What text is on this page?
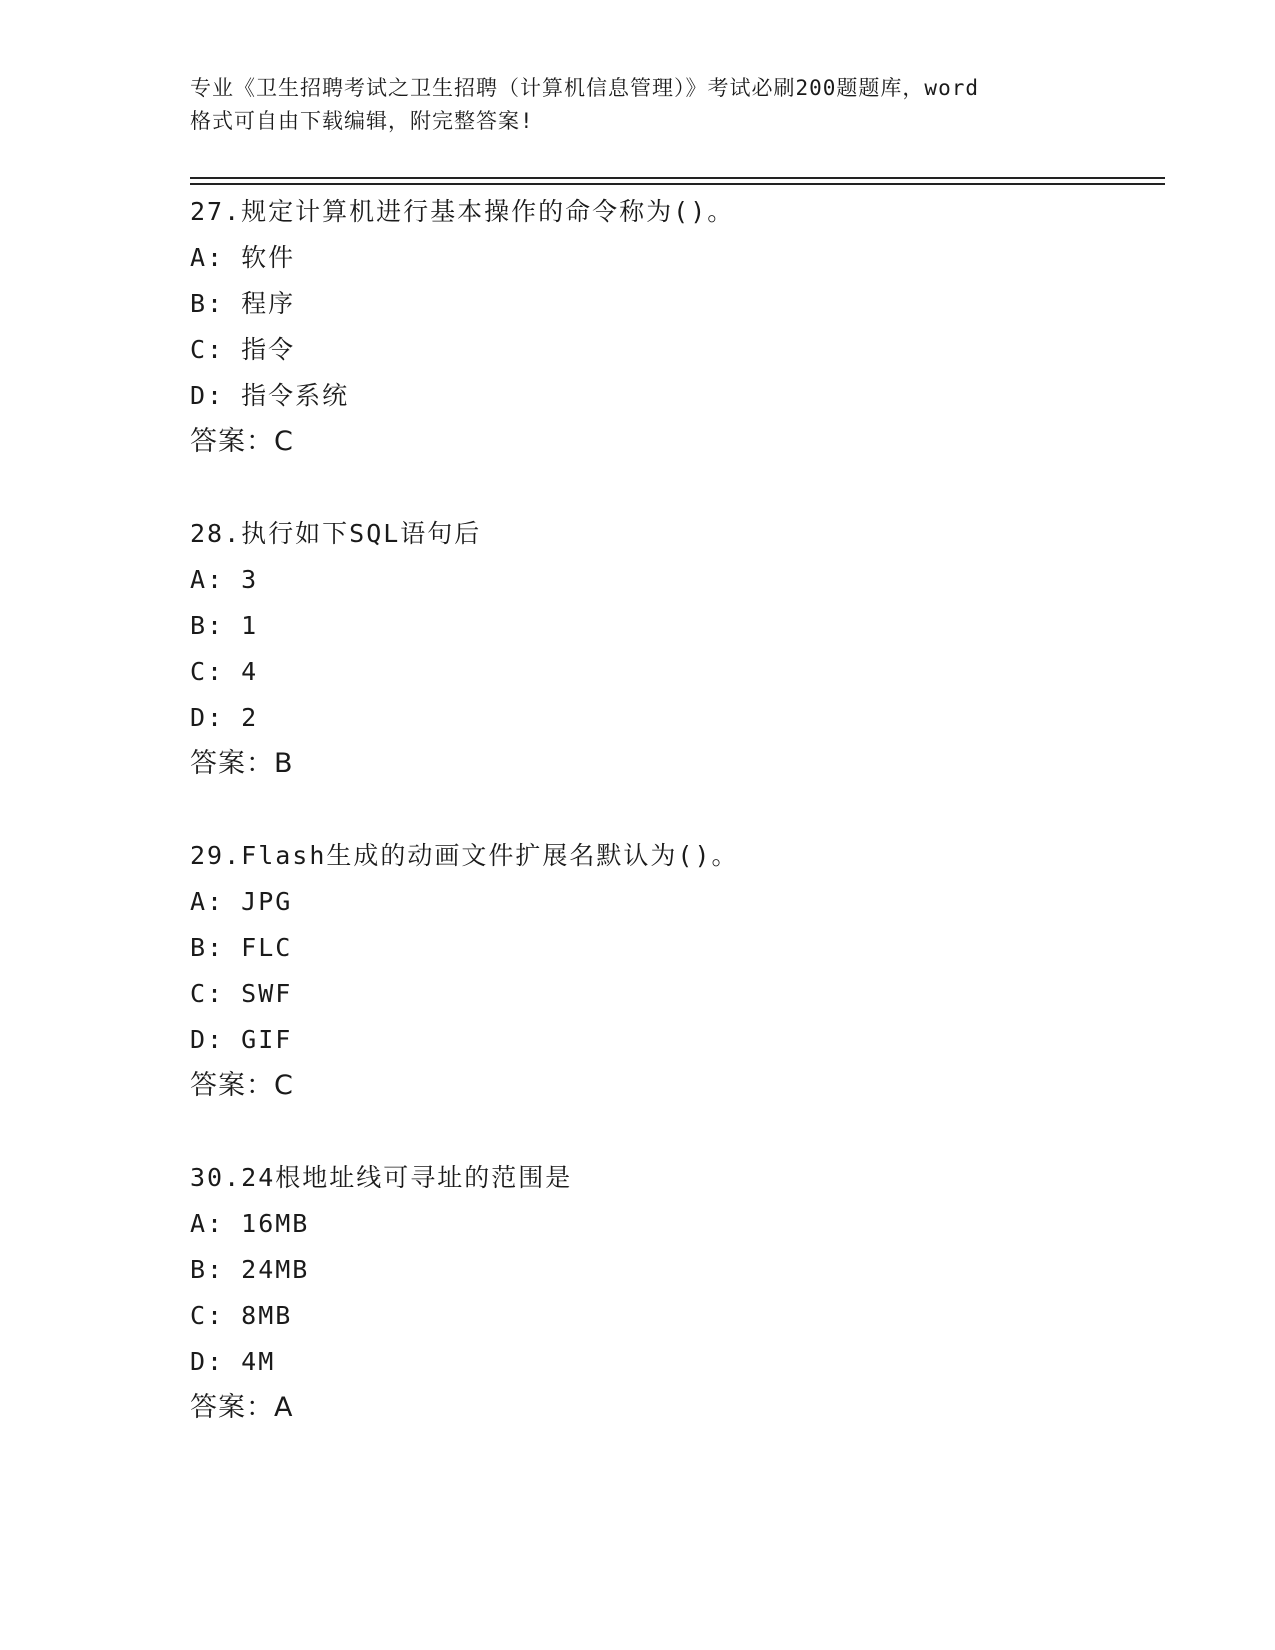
专业《卫生招聘考试之卫生招聘（计算机信息管理）》考试必刷200题题库，word
格式可自由下载编辑，附完整答案!
27.规定计算机进行基本操作的命令称为()。
A: 软件
B: 程序
C: 指令
D: 指令系统
答案：C
28.执行如下SQL语句后
A: 3
B: 1
C: 4
D: 2
答案：B
29.Flash生成的动画文件扩展名默认为()。
A: JPG
B: FLC
C: SWF
D: GIF
答案：C
30.24根地址线可寻址的范围是
A: 16MB
B: 24MB
C: 8MB
D: 4M
答案：A
